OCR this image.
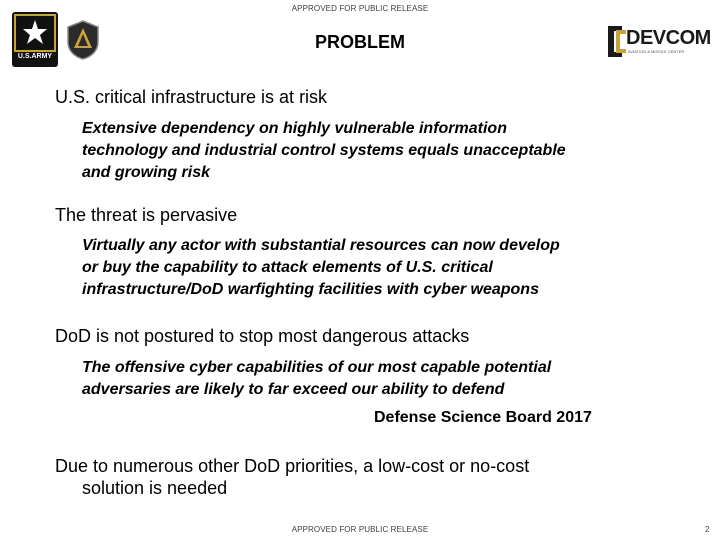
APPROVED FOR PUBLIC RELEASE
U.S.ARMY
DEVCOM
AVIATION & MISSILE CENTER
PROBLEM
U.S. critical infrastructure is at risk
Extensive dependency on highly vulnerable information
technology and industrial control systems equals unacceptable
and growing risk
The threat is pervasive
Virtually any actor with substantial resources can now develop
or buy the capability to attack elements of U.S. critical
infrastructure/DoD warfighting facilities with cyber weapons
DoD is not postured to stop most dangerous attacks
The offensive cyber capabilities of our most capable potential
adversaries are likely to far exceed our ability to defend
Defense Science Board 2017
Due to numerous other DoD priorities, a low-cost or no-cost
solution is needed
APPROVED FOR PUBLIC RELEASE	2
